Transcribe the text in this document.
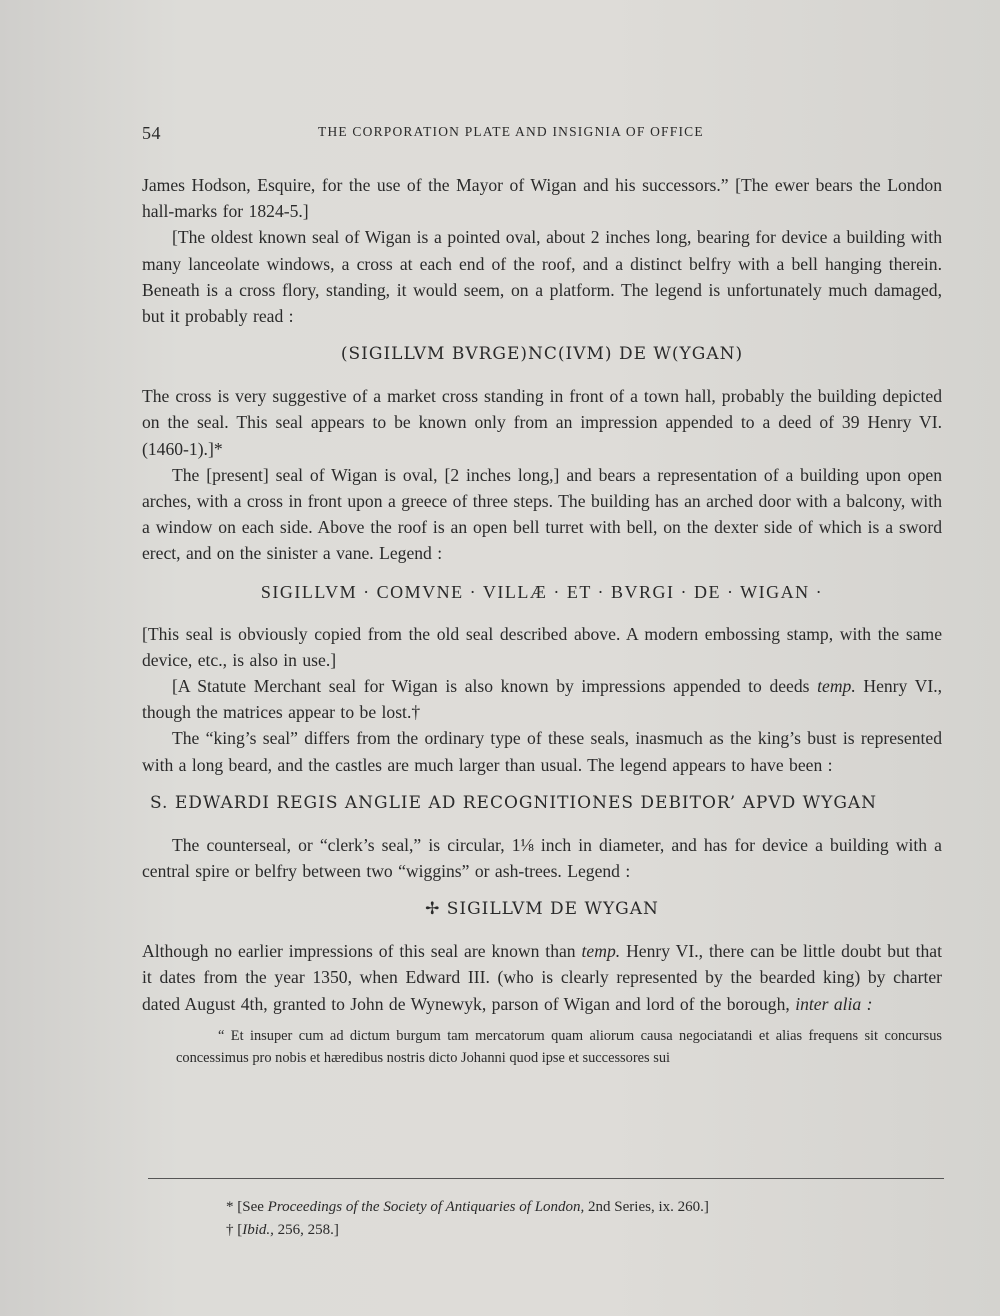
54	THE CORPORATION PLATE AND INSIGNIA OF OFFICE

James Hodson, Esquire, for the use of the Mayor of Wigan and his successors.” [The ewer bears the London hall-marks for 1824-5.]

[The oldest known seal of Wigan is a pointed oval, about 2 inches long, bearing for device a building with many lanceolate windows, a cross at each end of the roof, and a distinct belfry with a bell hanging therein. Beneath is a cross flory, standing, it would seem, on a platform. The legend is unfortunately much damaged, but it probably read :

(SIGILLVM BVRGE)NC(IVM) DE W(YGAN)

The cross is very suggestive of a market cross standing in front of a town hall, probably the building depicted on the seal. This seal appears to be known only from an impression appended to a deed of 39 Henry VI. (1460-1).]*

The [present] seal of Wigan is oval, [2 inches long,] and bears a representation of a building upon open arches, with a cross in front upon a greece of three steps. The building has an arched door with a balcony, with a window on each side. Above the roof is an open bell turret with bell, on the dexter side of which is a sword erect, and on the sinister a vane. Legend :

SIGILLVM · COMVNE · VILLÆ · ET · BVRGI · DE · WIGAN ·

[This seal is obviously copied from the old seal described above. A modern embossing stamp, with the same device, etc., is also in use.]

[A Statute Merchant seal for Wigan is also known by impressions appended to deeds temp. Henry VI., though the matrices appear to be lost.†

The “king’s seal” differs from the ordinary type of these seals, inasmuch as the king’s bust is represented with a long beard, and the castles are much larger than usual. The legend appears to have been :

S. EDWARDI REGIS ANGLIE AD RECOGNITIONES DEBITOR’ APVD WYGAN

The counterseal, or “clerk’s seal,” is circular, 1⅛ inch in diameter, and has for device a building with a central spire or belfry between two “wiggins” or ash-trees. Legend :

✢ SIGILLVM DE WYGAN

Although no earlier impressions of this seal are known than temp. Henry VI., there can be little doubt but that it dates from the year 1350, when Edward III. (who is clearly represented by the bearded king) by charter dated August 4th, granted to John de Wynewyk, parson of Wigan and lord of the borough, inter alia :

“ Et insuper cum ad dictum burgum tam mercatorum quam aliorum causa negociatandi et alias frequens sit concursus concessimus pro nobis et hæredibus nostris dicto Johanni quod ipse et successores sui
* [See Proceedings of the Society of Antiquaries of London, 2nd Series, ix. 260.]
† [Ibid., 256, 258.]
